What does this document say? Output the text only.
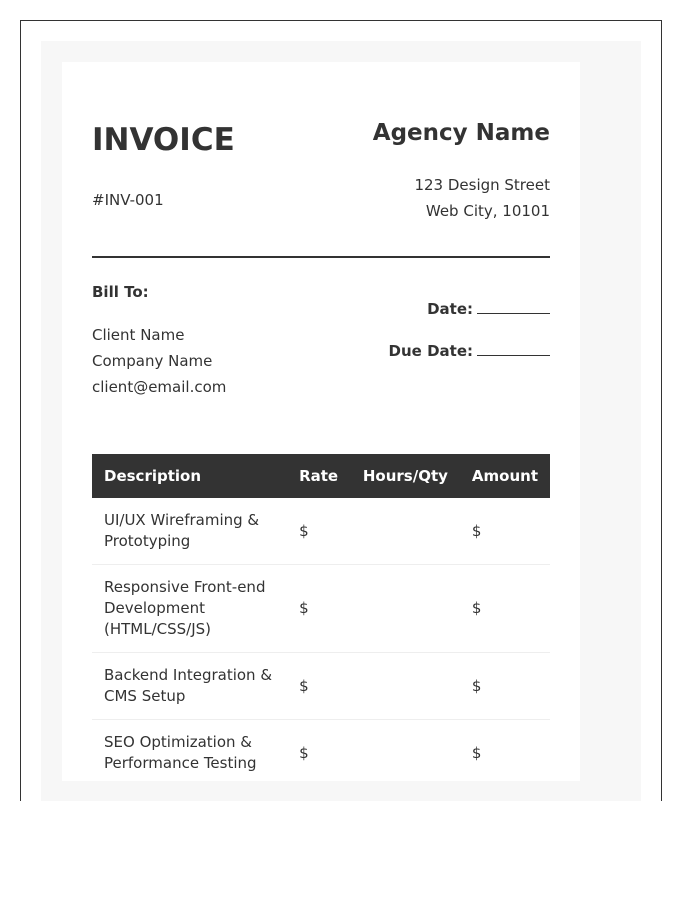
INVOICE
#INV-001
Agency Name
123 Design Street
Web City, 10101
Bill To:
Client Name
Company Name
client@email.com
Date:
Due Date:
Description	Rate	Hours/Qty	Amount
UI/UX Wireframing & Prototyping	$		$
Responsive Front-end Development (HTML/CSS/JS)	$		$
Backend Integration & CMS Setup	$		$
SEO Optimization & Performance Testing	$		$
